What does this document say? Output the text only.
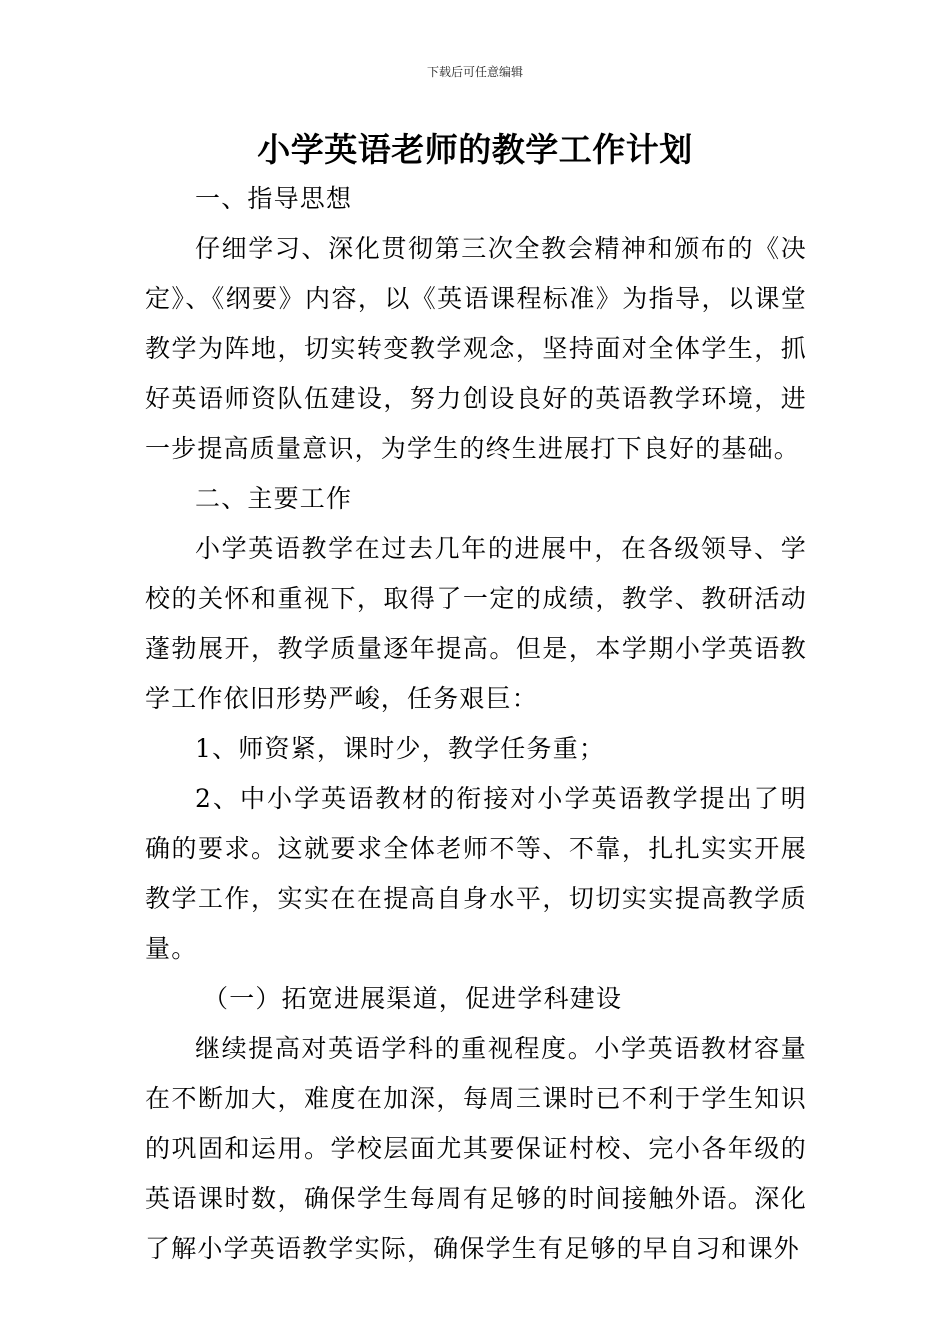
下载后可任意编辑
小学英语老师的教学工作计划

一、指导思想

仔细学习、深化贯彻第三次全教会精神和颁布的《决定》、《纲要》内容，以《英语课程标准》为指导，以课堂教学为阵地，切实转变教学观念，坚持面对全体学生，抓好英语师资队伍建设，努力创设良好的英语教学环境，进一步提高质量意识，为学生的终生进展打下良好的基础。

二、主要工作

小学英语教学在过去几年的进展中，在各级领导、学校的关怀和重视下，取得了一定的成绩，教学、教研活动蓬勃展开，教学质量逐年提高。但是，本学期小学英语教学工作依旧形势严峻，任务艰巨：

1、师资紧，课时少，教学任务重；

2、中小学英语教材的衔接对小学英语教学提出了明确的要求。这就要求全体老师不等、不靠，扎扎实实开展教学工作，实实在在提高自身水平，切切实实提高教学质量。

（一）拓宽进展渠道，促进学科建设

继续提高对英语学科的重视程度。小学英语教材容量在不断加大，难度在加深，每周三课时已不利于学生知识的巩固和运用。学校层面尤其要保证村校、完小各年级的英语课时数，确保学生每周有足够的时间接触外语。深化了解小学英语教学实际，确保学生有足够的早自习和课外
